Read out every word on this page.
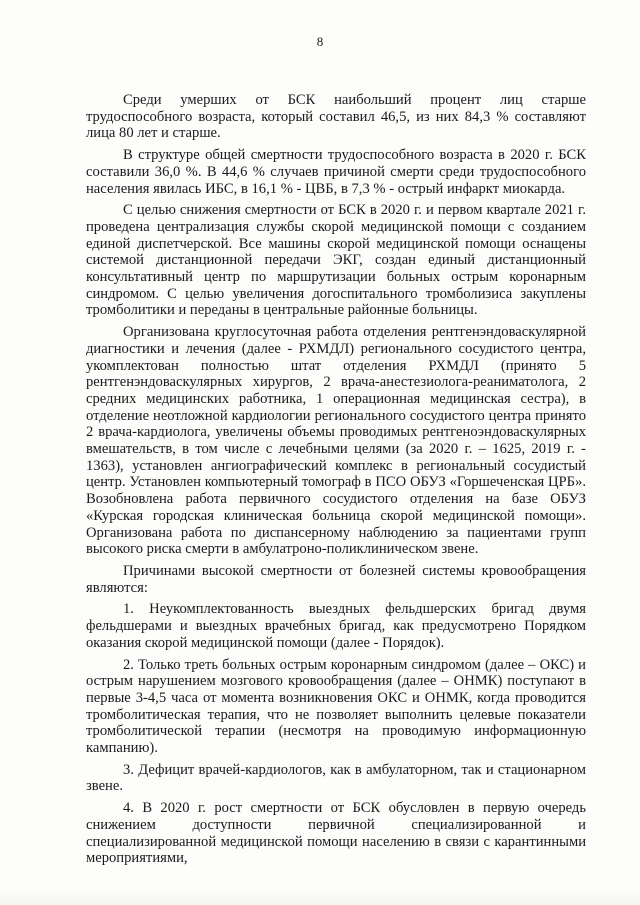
8

Среди умерших от БСК наибольший процент лиц старше трудоспособного возраста, который составил 46,5, из них 84,3 % составляют лица 80 лет и старше.

В структуре общей смертности трудоспособного возраста в 2020 г. БСК составили 36,0 %. В 44,6 % случаев причиной смерти среди трудоспособного населения явилась ИБС, в 16,1 % - ЦВБ, в 7,3 % - острый инфаркт миокарда.

С целью снижения смертности от БСК в 2020 г. и первом квартале 2021 г. проведена централизация службы скорой медицинской помощи с созданием единой диспетчерской. Все машины скорой медицинской помощи оснащены системой дистанционной передачи ЭКГ, создан единый дистанционный консультативный центр по маршрутизации больных острым коронарным синдромом. С целью увеличения догоспитального тромболизиса закуплены тромболитики и переданы в центральные районные больницы.

Организована круглосуточная работа отделения рентгенэндоваскулярной диагностики и лечения (далее - РХМДЛ) регионального сосудистого центра, укомплектован полностью штат отделения РХМДЛ (принято 5 рентгенэндоваскулярных хирургов, 2 врача-анестезиолога-реаниматолога, 2 средних медицинских работника, 1 операционная медицинская сестра), в отделение неотложной кардиологии регионального сосудистого центра принято 2 врача-кардиолога, увеличены объемы проводимых рентгеноэндоваскулярных вмешательств, в том числе с лечебными целями (за 2020 г. – 1625, 2019 г. - 1363), установлен ангиографический комплекс в региональный сосудистый центр. Установлен компьютерный томограф в ПСО ОБУЗ «Горшеченская ЦРБ». Возобновлена работа первичного сосудистого отделения на базе ОБУЗ «Курская городская клиническая больница скорой медицинской помощи». Организована работа по диспансерному наблюдению за пациентами групп высокого риска смерти в амбулатроно-поликлиническом звене.

Причинами высокой смертности от болезней системы кровообращения являются:

1. Неукомплектованность выездных фельдшерских бригад двумя фельдшерами и выездных врачебных бригад, как предусмотрено Порядком оказания скорой медицинской помощи (далее - Порядок).

2. Только треть больных острым коронарным синдромом (далее – ОКС) и острым нарушением мозгового кровообращения (далее – ОНМК) поступают в первые 3-4,5 часа от момента возникновения ОКС и ОНМК, когда проводится тромболитическая терапия, что не позволяет выполнить целевые показатели тромболитической терапии (несмотря на проводимую информационную кампанию).

3. Дефицит врачей-кардиологов, как в амбулаторном, так и стационарном звене.

4. В 2020 г. рост смертности от БСК обусловлен в первую очередь снижением доступности первичной специализированной и специализированной медицинской помощи населению в связи с карантинными мероприятиями,
